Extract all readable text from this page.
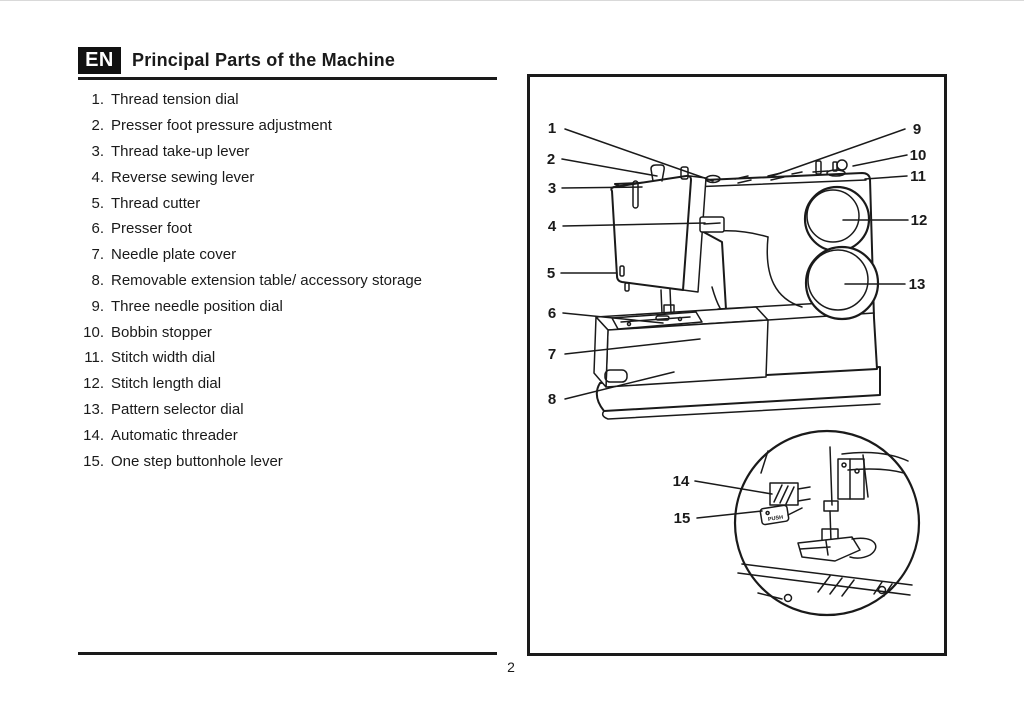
EN	Principal Parts of the Machine
1. Thread tension dial
2. Presser foot pressure adjustment
3. Thread take-up lever
4. Reverse sewing lever
5. Thread cutter
6. Presser foot
7. Needle plate cover
8. Removable extension table/ accessory storage
9. Three needle position dial
10. Bobbin stopper
11. Stitch width dial
12. Stitch length dial
13. Pattern selector dial
14. Automatic threader
15. One step buttonhole lever
PUSH
1
2
3
4
5
6
7
8
9
10
11
12
13
14
15
2
